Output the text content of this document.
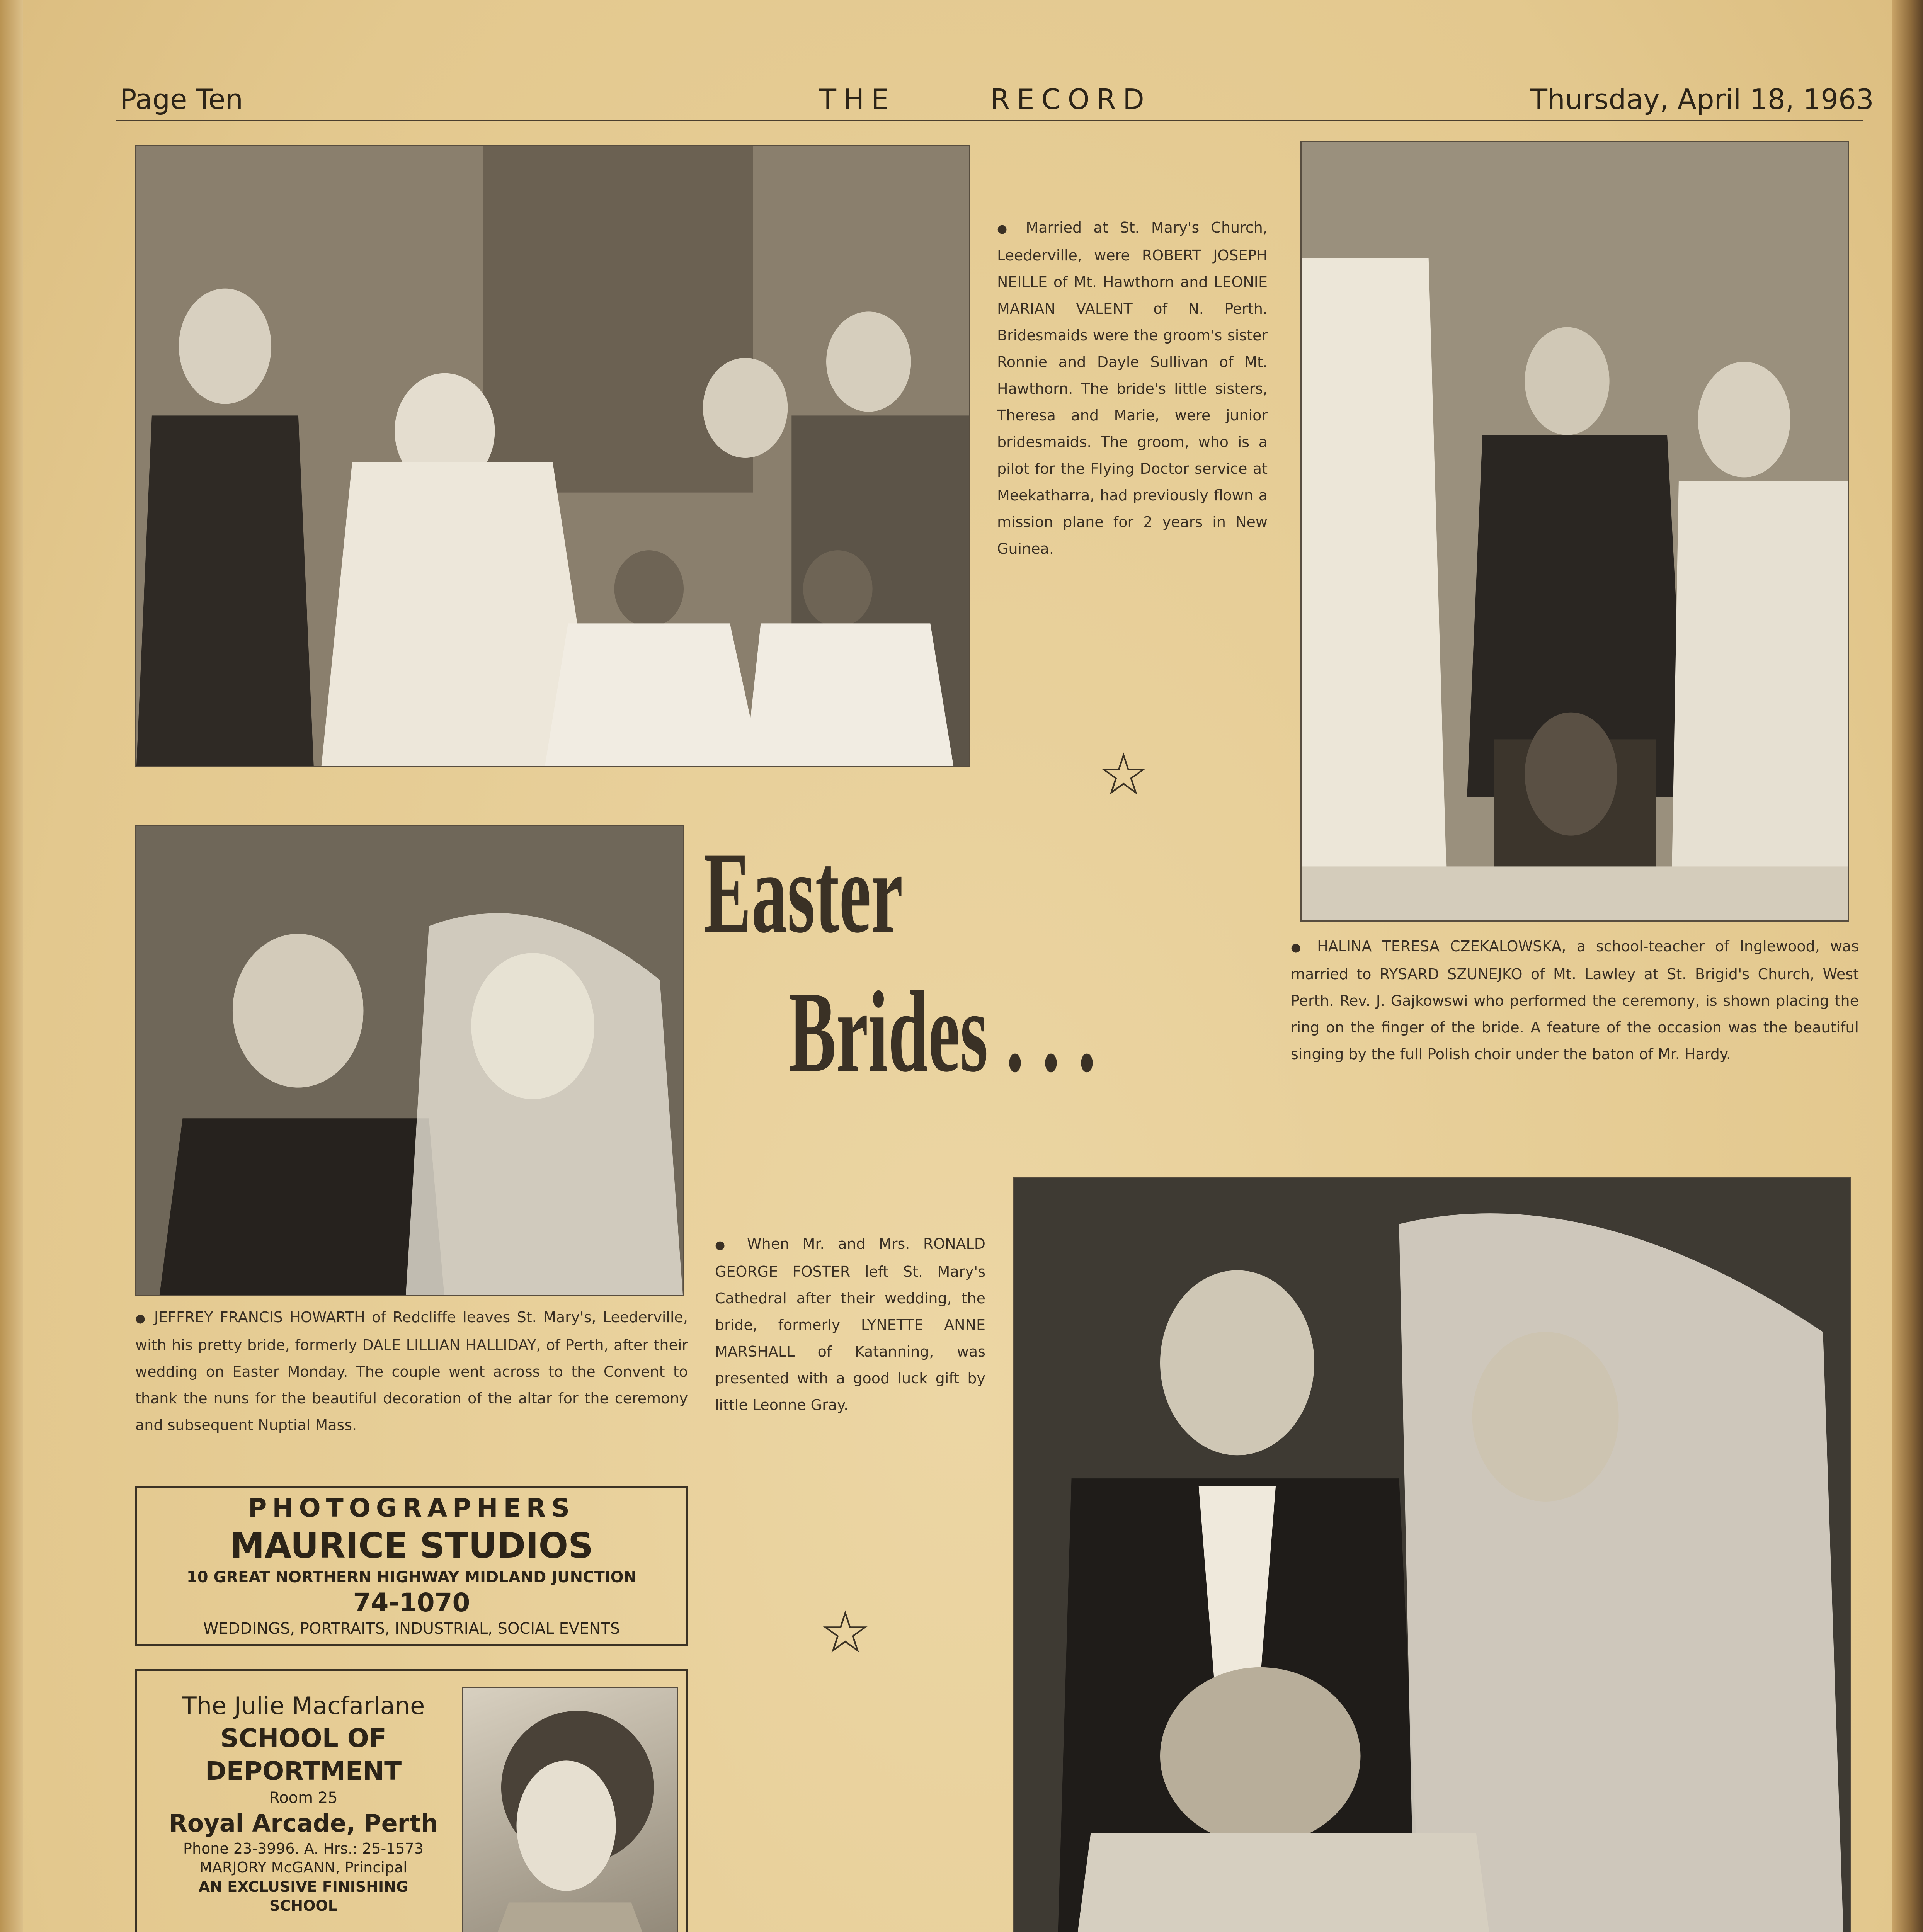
Page Ten	THE      RECORD	Thursday, April 18, 1963
● Married at St. Mary's Church, Leederville, were ROBERT JOSEPH NEILLE of Mt. Hawthorn and LEONIE MARIAN VALENT of N. Perth. Bridesmaids were the groom's sister Ronnie and Dayle Sullivan of Mt. Hawthorn. The bride's little sisters, Theresa and Marie, were junior bridesmaids. The groom, who is a pilot for the Flying Doctor service at Meekatharra, had previously flown a mission plane for 2 years in New Guinea.
☆
● HALINA TERESA CZEKALOWSKA, a school-teacher of Inglewood, was married to RYSARD SZUNEJKO of Mt. Lawley at St. Brigid's Church, West Perth. Rev. J. Gajkowswi who performed the ceremony, is shown placing the ring on the finger of the bride. A feature of the occasion was the beautiful singing by the full Polish choir under the baton of Mr. Hardy.
Easter
Brides . . .
● JEFFREY FRANCIS HOWARTH of Redcliffe leaves St. Mary's, Leederville, with his pretty bride, formerly DALE LILLIAN HALLIDAY, of Perth, after their wedding on Easter Monday. The couple went across to the Convent to thank the nuns for the beautiful decoration of the altar for the ceremony and subsequent Nuptial Mass.
● When Mr. and Mrs. RONALD GEORGE FOSTER left St. Mary's Cathedral after their wedding, the bride, formerly LYNETTE ANNE MARSHALL of Katanning, was presented with a good luck gift by little Leonne Gray.
☆
PHOTOGRAPHERS
MAURICE STUDIOS
10 GREAT NORTHERN HIGHWAY MIDLAND JUNCTION
74-1070
WEDDINGS, PORTRAITS, INDUSTRIAL, SOCIAL EVENTS
The Julie Macfarlane
SCHOOL OF
DEPORTMENT
Room 25
Royal Arcade, Perth
Phone 23-3996. A. Hrs.: 25-1573
MARJORY McGANN, Principal
AN EXCLUSIVE FINISHING
SCHOOL
